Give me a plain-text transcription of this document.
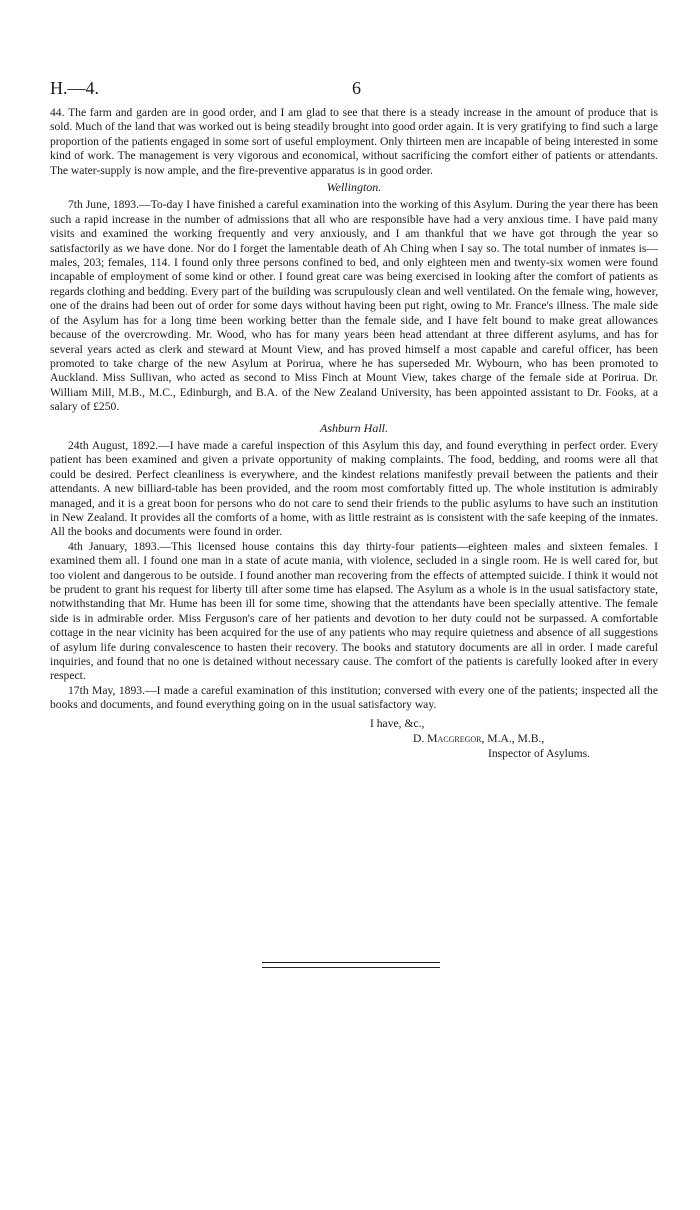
H.—4.	6

44. The farm and garden are in good order, and I am glad to see that there is a steady increase in the amount of produce that is sold. Much of the land that was worked out is being steadily brought into good order again. It is very gratifying to find such a large proportion of the patients engaged in some sort of useful employment. Only thirteen men are incapable of being interested in some kind of work. The management is very vigorous and economical, without sacrificing the comfort either of patients or attendants. The water-supply is now ample, and the fire-preventive apparatus is in good order.

Wellington.

7th June, 1893.—To-day I have finished a careful examination into the working of this Asylum. During the year there has been such a rapid increase in the number of admissions that all who are responsible have had a very anxious time. I have paid many visits and examined the working frequently and very anxiously, and I am thankful that we have got through the year so satisfactorily as we have done. Nor do I forget the lamentable death of Ah Ching when I say so. The total number of inmates is—males, 203; females, 114. I found only three persons confined to bed, and only eighteen men and twenty-six women were found incapable of employment of some kind or other. I found great care was being exercised in looking after the comfort of patients as regards clothing and bedding. Every part of the building was scrupulously clean and well ventilated. On the female wing, however, one of the drains had been out of order for some days without having been put right, owing to Mr. France's illness. The male side of the Asylum has for a long time been working better than the female side, and I have felt bound to make great allowances because of the overcrowding. Mr. Wood, who has for many years been head attendant at three different asylums, and has for several years acted as clerk and steward at Mount View, and has proved himself a most capable and careful officer, has been promoted to take charge of the new Asylum at Porirua, where he has superseded Mr. Wybourn, who has been promoted to Auckland. Miss Sullivan, who acted as second to Miss Finch at Mount View, takes charge of the female side at Porirua. Dr. William Mill, M.B., M.C., Edinburgh, and B.A. of the New Zealand University, has been appointed assistant to Dr. Fooks, at a salary of £250.

Ashburn Hall.

24th August, 1892.—I have made a careful inspection of this Asylum this day, and found everything in perfect order. Every patient has been examined and given a private opportunity of making complaints. The food, bedding, and rooms were all that could be desired. Perfect cleanliness is everywhere, and the kindest relations manifestly prevail between the patients and their attendants. A new billiard-table has been provided, and the room most comfortably fitted up. The whole institution is admirably managed, and it is a great boon for persons who do not care to send their friends to the public asylums to have such an institution in New Zealand. It provides all the comforts of a home, with as little restraint as is consistent with the safe keeping of the inmates. All the books and documents were found in order.

4th January, 1893.—This licensed house contains this day thirty-four patients—eighteen males and sixteen females. I examined them all. I found one man in a state of acute mania, with violence, secluded in a single room. He is well cared for, but too violent and dangerous to be outside. I found another man recovering from the effects of attempted suicide. I think it would not be prudent to grant his request for liberty till after some time has elapsed. The Asylum as a whole is in the usual satisfactory state, notwithstanding that Mr. Hume has been ill for some time, showing that the attendants have been specially attentive. The female side is in admirable order. Miss Ferguson's care of her patients and devotion to her duty could not be surpassed. A comfortable cottage in the near vicinity has been acquired for the use of any patients who may require quietness and absence of all suggestions of asylum life during convalescence to hasten their recovery. The books and statutory documents are all in order. I made careful inquiries, and found that no one is detained without necessary cause. The comfort of the patients is carefully looked after in every respect.

17th May, 1893.—I made a careful examination of this institution; conversed with every one of the patients; inspected all the books and documents, and found everything going on in the usual satisfactory way.

I have, &c.,
D. Macgregor, M.A., M.B.,
Inspector of Asylums.
